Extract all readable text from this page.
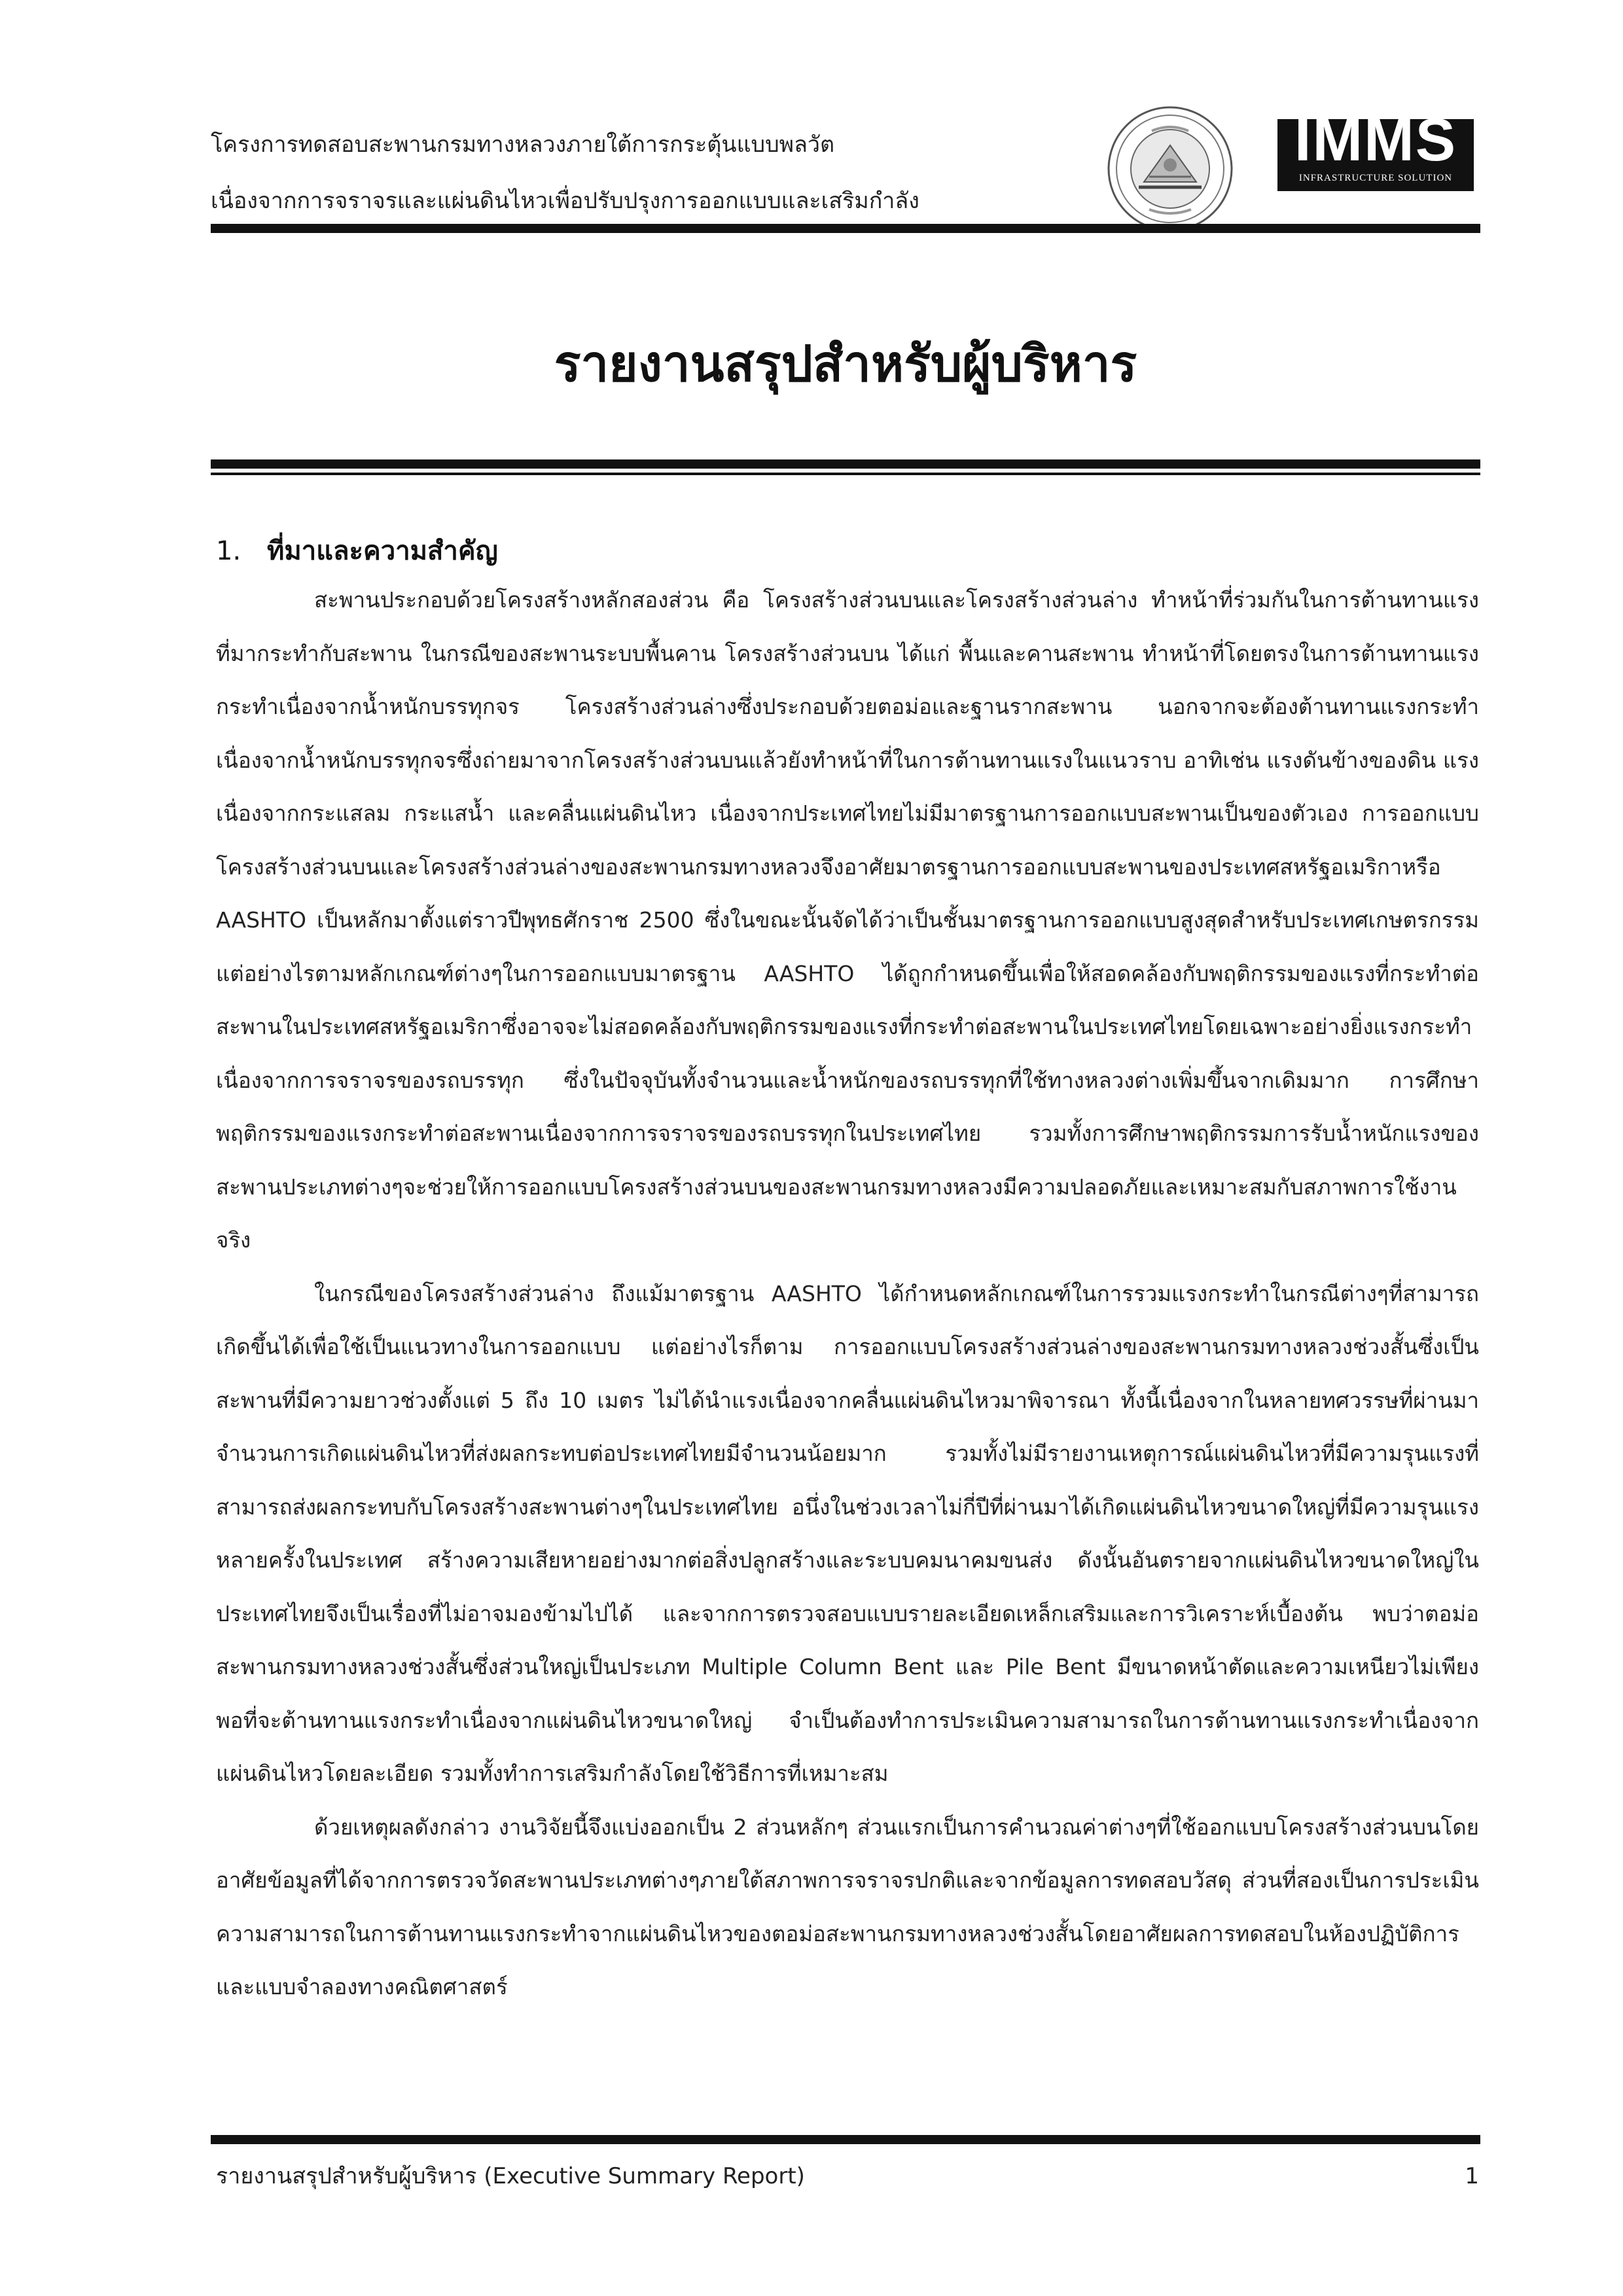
โครงการทดสอบสะพานกรมทางหลวงภายใต้การกระตุ้นแบบพลวัต
เนื่องจากการจราจรและแผ่นดินไหวเพื่อปรับปรุงการออกแบบและเสริมกำลัง
IMMS
INFRASTRUCTURE SOLUTION
รายงานสรุปสำหรับผู้บริหาร
1. ที่มาและความสำคัญ

สะพานประกอบด้วยโครงสร้างหลักสองส่วน คือ โครงสร้างส่วนบนและโครงสร้างส่วนล่าง ทำหน้าที่ร่วมกันในการต้านทานแรงที่มากระทำกับสะพาน ในกรณีของสะพานระบบพื้นคาน โครงสร้างส่วนบน ได้แก่ พื้นและคานสะพาน ทำหน้าที่โดยตรงในการต้านทานแรงกระทำเนื่องจากน้ำหนักบรรทุกจร โครงสร้างส่วนล่างซึ่งประกอบด้วยตอม่อและฐานรากสะพาน นอกจากจะต้องต้านทานแรงกระทำเนื่องจากน้ำหนักบรรทุกจรซึ่งถ่ายมาจากโครงสร้างส่วนบนแล้วยังทำหน้าที่ในการต้านทานแรงในแนวราบ อาทิเช่น แรงดันข้างของดิน แรงเนื่องจากกระแสลม กระแสน้ำ และคลื่นแผ่นดินไหว เนื่องจากประเทศไทยไม่มีมาตรฐานการออกแบบสะพานเป็นของตัวเอง การออกแบบโครงสร้างส่วนบนและโครงสร้างส่วนล่างของสะพานกรมทางหลวงจึงอาศัยมาตรฐานการออกแบบสะพานของประเทศสหรัฐอเมริกาหรือ AASHTO เป็นหลักมาตั้งแต่ราวปีพุทธศักราช 2500 ซึ่งในขณะนั้นจัดได้ว่าเป็นชั้นมาตรฐานการออกแบบสูงสุดสำหรับประเทศเกษตรกรรม แต่อย่างไรตามหลักเกณฑ์ต่างๆในการออกแบบมาตรฐาน AASHTO ได้ถูกกำหนดขึ้นเพื่อให้สอดคล้องกับพฤติกรรมของแรงที่กระทำต่อสะพานในประเทศสหรัฐอเมริกาซึ่งอาจจะไม่สอดคล้องกับพฤติกรรมของแรงที่กระทำต่อสะพานในประเทศไทยโดยเฉพาะอย่างยิ่งแรงกระทำเนื่องจากการจราจรของรถบรรทุก ซึ่งในปัจจุบันทั้งจำนวนและน้ำหนักของรถบรรทุกที่ใช้ทางหลวงต่างเพิ่มขึ้นจากเดิมมาก การศึกษาพฤติกรรมของแรงกระทำต่อสะพานเนื่องจากการจราจรของรถบรรทุกในประเทศไทย รวมทั้งการศึกษาพฤติกรรมการรับน้ำหนักแรงของสะพานประเภทต่างๆจะช่วยให้การออกแบบโครงสร้างส่วนบนของสะพานกรมทางหลวงมีความปลอดภัยและเหมาะสมกับสภาพการใช้งานจริง

ในกรณีของโครงสร้างส่วนล่าง ถึงแม้มาตรฐาน AASHTO ได้กำหนดหลักเกณฑ์ในการรวมแรงกระทำในกรณีต่างๆที่สามารถเกิดขึ้นได้เพื่อใช้เป็นแนวทางในการออกแบบ แต่อย่างไรก็ตาม การออกแบบโครงสร้างส่วนล่างของสะพานกรมทางหลวงช่วงสั้นซึ่งเป็นสะพานที่มีความยาวช่วงตั้งแต่ 5 ถึง 10 เมตร ไม่ได้นำแรงเนื่องจากคลื่นแผ่นดินไหวมาพิจารณา ทั้งนี้เนื่องจากในหลายทศวรรษที่ผ่านมาจำนวนการเกิดแผ่นดินไหวที่ส่งผลกระทบต่อประเทศไทยมีจำนวนน้อยมาก รวมทั้งไม่มีรายงานเหตุการณ์แผ่นดินไหวที่มีความรุนแรงที่สามารถส่งผลกระทบกับโครงสร้างสะพานต่างๆในประเทศไทย อนึ่งในช่วงเวลาไม่กี่ปีที่ผ่านมาได้เกิดแผ่นดินไหวขนาดใหญ่ที่มีความรุนแรงหลายครั้งในประเทศ สร้างความเสียหายอย่างมากต่อสิ่งปลูกสร้างและระบบคมนาคมขนส่ง ดังนั้นอันตรายจากแผ่นดินไหวขนาดใหญ่ในประเทศไทยจึงเป็นเรื่องที่ไม่อาจมองข้ามไปได้ และจากการตรวจสอบแบบรายละเอียดเหล็กเสริมและการวิเคราะห์เบื้องต้น พบว่าตอม่อสะพานกรมทางหลวงช่วงสั้นซึ่งส่วนใหญ่เป็นประเภท Multiple Column Bent และ Pile Bent มีขนาดหน้าตัดและความเหนียวไม่เพียงพอที่จะต้านทานแรงกระทำเนื่องจากแผ่นดินไหวขนาดใหญ่ จำเป็นต้องทำการประเมินความสามารถในการต้านทานแรงกระทำเนื่องจากแผ่นดินไหวโดยละเอียด รวมทั้งทำการเสริมกำลังโดยใช้วิธีการที่เหมาะสม

ด้วยเหตุผลดังกล่าว งานวิจัยนี้จึงแบ่งออกเป็น 2 ส่วนหลักๆ ส่วนแรกเป็นการคำนวณค่าต่างๆที่ใช้ออกแบบโครงสร้างส่วนบนโดยอาศัยข้อมูลที่ได้จากการตรวจวัดสะพานประเภทต่างๆภายใต้สภาพการจราจรปกติและจากข้อมูลการทดสอบวัสดุ ส่วนที่สองเป็นการประเมินความสามารถในการต้านทานแรงกระทำจากแผ่นดินไหวของตอม่อสะพานกรมทางหลวงช่วงสั้นโดยอาศัยผลการทดสอบในห้องปฏิบัติการและแบบจำลองทางคณิตศาสตร์

รายงานสรุปสำหรับผู้บริหาร (Executive Summary Report)	1
